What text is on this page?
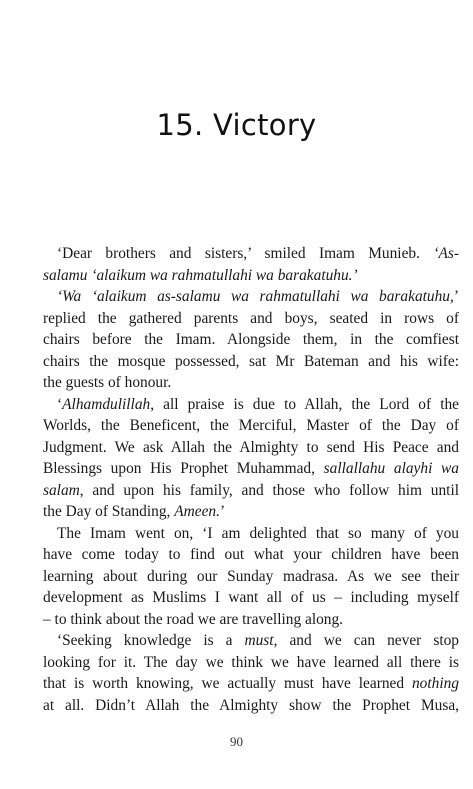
15. Victory
‘Dear brothers and sisters,’ smiled Imam Munieb. ‘As-
salamu ‘alaikum wa rahmatullahi wa barakatuhu.’
‘Wa ‘alaikum as-salamu wa rahmatullahi wa barakatuhu,’
replied the gathered parents and boys, seated in rows of
chairs before the Imam. Alongside them, in the comfiest
chairs the mosque possessed, sat Mr Bateman and his wife:
the guests of honour.
‘Alhamdulillah, all praise is due to Allah, the Lord of the
Worlds, the Beneficent, the Merciful, Master of the Day of
Judgment. We ask Allah the Almighty to send His Peace and
Blessings upon His Prophet Muhammad, sallallahu alayhi wa
salam, and upon his family, and those who follow him until
the Day of Standing, Ameen.’
The Imam went on, ‘I am delighted that so many of you
have come today to find out what your children have been
learning about during our Sunday madrasa. As we see their
development as Muslims I want all of us – including myself
– to think about the road we are travelling along.
‘Seeking knowledge is a must, and we can never stop
looking for it. The day we think we have learned all there is
that is worth knowing, we actually must have learned nothing
at all. Didn’t Allah the Almighty show the Prophet Musa,
90
